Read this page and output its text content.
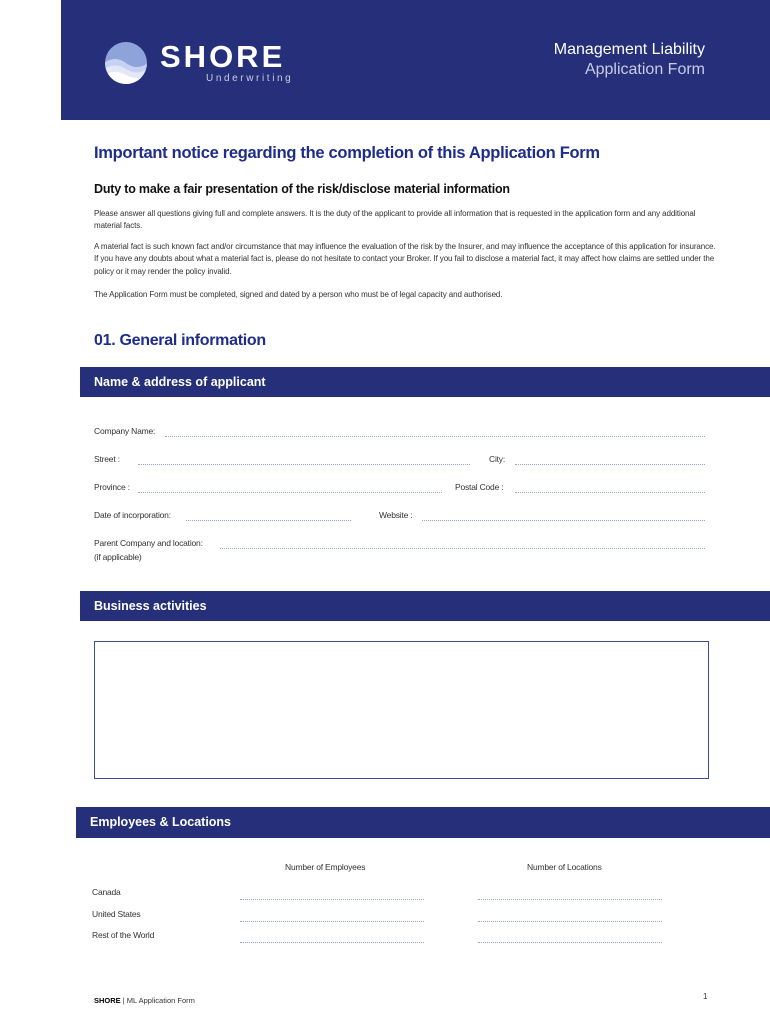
SHORE
Underwriting
Management Liability
Application Form
Important notice regarding the completion of this Application Form
Duty to make a fair presentation of the risk/disclose material information
Please answer all questions giving full and complete answers. It is the duty of the applicant to provide all information that is requested in the application form and any additional material facts.
A material fact is such known fact and/or circumstance that may influence the evaluation of the risk by the Insurer, and may influence the acceptance of this application for insurance. If you have any doubts about what a material fact is, please do not hesitate to contact your Broker. If you fail to disclose a material fact, it may affect how claims are settled under the policy or it may render the policy invalid.
The Application Form must be completed, signed and dated by a person who must be of legal capacity and authorised.
01. General information
Name & address of applicant
Company Name:
Street :	City:
Province :	Postal Code :
Date of incorporation:	Website :
Parent Company and location:
(if applicable)
Business activities
Employees & Locations
Number of Employees	Number of Locations
Canada
United States
Rest of the World
SHORE | ML Application Form	1
